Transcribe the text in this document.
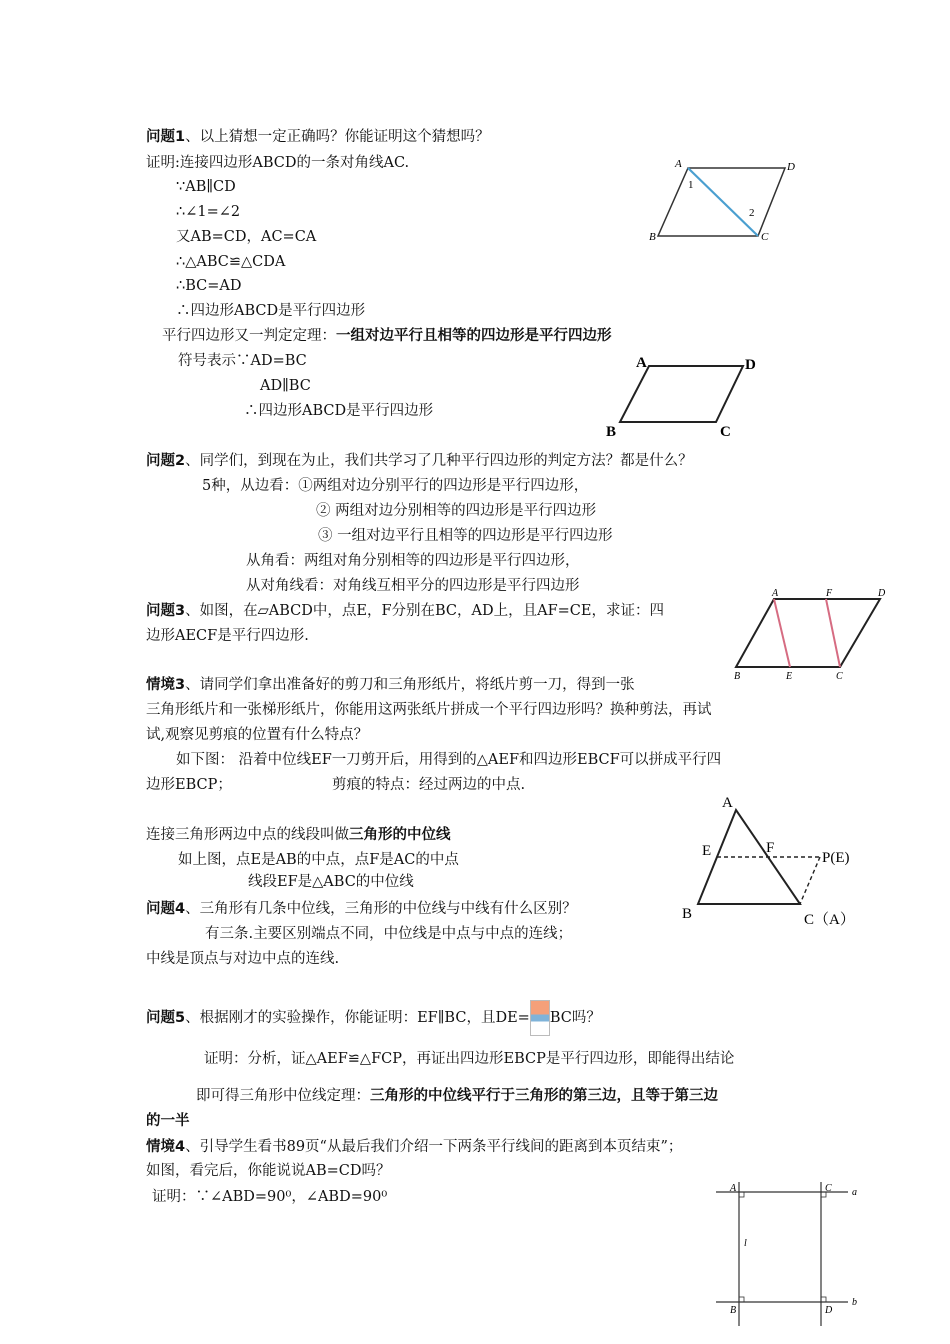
问题1、以上猜想一定正确吗？你能证明这个猜想吗？
证明:连接四边形ABCD的一条对角线AC.
∵AB∥CD
∴∠1=∠2
又AB=CD，AC=CA
∴△ABC≌△CDA
∴BC=AD
∴四边形ABCD是平行四边形
平行四边形又一判定定理：一组对边平行且相等的四边形是平行四边形
符号表示∵AD=BC
AD∥BC
∴四边形ABCD是平行四边形
问题2、同学们，到现在为止，我们共学习了几种平行四边形的判定方法？都是什么？
5种，从边看：①两组对边分别平行的四边形是平行四边形，
② 两组对边分别相等的四边形是平行四边形
③ 一组对边平行且相等的四边形是平行四边形
从角看：两组对角分别相等的四边形是平行四边形，
从对角线看：对角线互相平分的四边形是平行四边形
问题3、如图，在▱ABCD中，点E，F分别在BC，AD上，且AF=CE，求证：四
边形AECF是平行四边形.
情境3、请同学们拿出准备好的剪刀和三角形纸片，将纸片剪一刀，得到一张
三角形纸片和一张梯形纸片，你能用这两张纸片拼成一个平行四边形吗？换种剪法，再试
试,观察见剪痕的位置有什么特点？
如下图： 沿着中位线EF一刀剪开后，用得到的△AEF和四边形EBCF可以拼成平行四
边形EBCP；	剪痕的特点：经过两边的中点.
连接三角形两边中点的线段叫做三角形的中位线
如上图，点E是AB的中点，点F是AC的中点
线段EF是△ABC的中位线
问题4、三角形有几条中位线，三角形的中位线与中线有什么区别？
有三条.主要区别端点不同，中位线是中点与中点的连线；
中线是顶点与对边中点的连线.
问题5、根据刚才的实验操作，你能证明：EF∥BC，且DE= BC吗？
证明：分析，证△AEF≌△FCP，再证出四边形EBCP是平行四边形，即能得出结论
即可得三角形中位线定理：三角形的中位线平行于三角形的第三边，且等于第三边
的一半
情境4、引导学生看书89页“从最后我们介绍一下两条平行线间的距离到本页结束”；
如图，看完后，你能说说AB=CD吗？
证明：∵∠ABD=90⁰，∠ABD=90⁰
A	D
B	C
1
2
A	D
B	C
A	F	D
B	E	C
A
E	F
P(E)
B	C（A）
A	C a
l
B	D
b
